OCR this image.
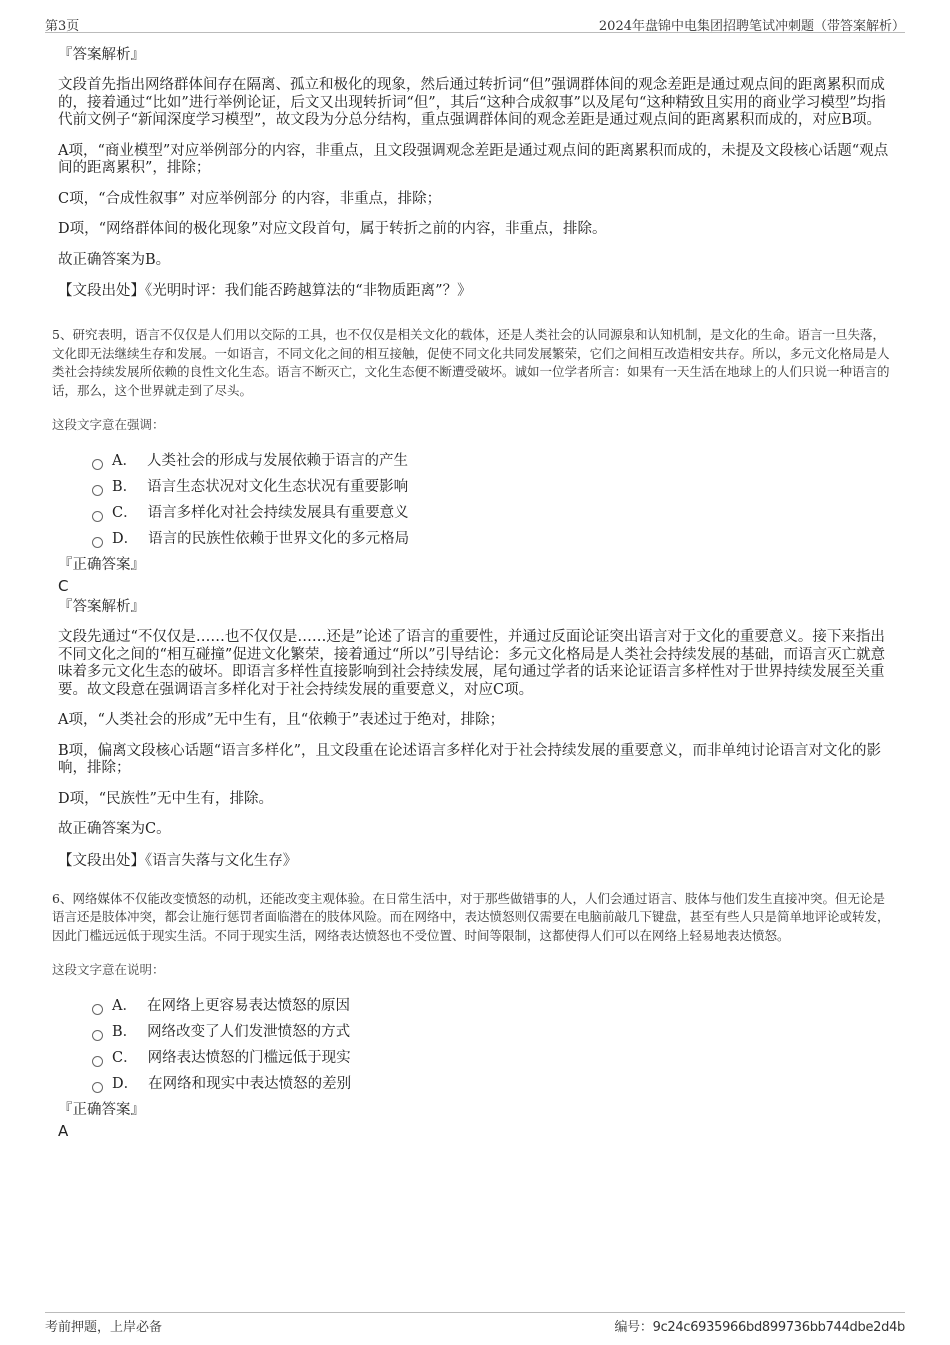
第3页	2024年盘锦中电集团招聘笔试冲刺题（带答案解析）
『答案解析』

文段首先指出网络群体间存在隔离、孤立和极化的现象，然后通过转折词“但”强调群体间的观念差距是通过观点间的距离累积而成的，接着通过“比如”进行举例论证，后文又出现转折词“但”，其后“这种合成叙事”以及尾句“这种精致且实用的商业学习模型”均指代前文例子“新闻深度学习模型”，故文段为分总分结构，重点强调群体间的观念差距是通过观点间的距离累积而成的，对应B项。

A项，“商业模型”对应举例部分的内容，非重点，且文段强调观念差距是通过观点间的距离累积而成的，未提及文段核心话题“观点间的距离累积”，排除；

C项，“合成性叙事” 对应举例部分 的内容，非重点，排除；

D项，“网络群体间的极化现象”对应文段首句，属于转折之前的内容，非重点，排除。

故正确答案为B。

【文段出处】《光明时评：我们能否跨越算法的“非物质距离”？》

5、研究表明，语言不仅仅是人们用以交际的工具，也不仅仅是相关文化的载体，还是人类社会的认同源泉和认知机制，是文化的生命。语言一旦失落，文化即无法继续生存和发展。一如语言，不同文化之间的相互接触，促使不同文化共同发展繁荣，它们之间相互改造相安共存。所以，多元文化格局是人类社会持续发展所依赖的良性文化生态。语言不断灭亡，文化生态便不断遭受破坏。诚如一位学者所言：如果有一天生活在地球上的人们只说一种语言的话，那么，这个世界就走到了尽头。

这段文字意在强调：

A． 人类社会的形成与发展依赖于语言的产生
B． 语言生态状况对文化生态状况有重要影响
C． 语言多样化对社会持续发展具有重要意义
D． 语言的民族性依赖于世界文化的多元格局
『正确答案』
C
『答案解析』

文段先通过“不仅仅是……也不仅仅是……还是”论述了语言的重要性，并通过反面论证突出语言对于文化的重要意义。接下来指出不同文化之间的“相互碰撞”促进文化繁荣，接着通过“所以”引导结论：多元文化格局是人类社会持续发展的基础，而语言灭亡就意味着多元文化生态的破坏。即语言多样性直接影响到社会持续发展，尾句通过学者的话来论证语言多样性对于世界持续发展至关重要。故文段意在强调语言多样化对于社会持续发展的重要意义，对应C项。

A项，“人类社会的形成”无中生有，且“依赖于”表述过于绝对，排除；

B项，偏离文段核心话题“语言多样化”，且文段重在论述语言多样化对于社会持续发展的重要意义，而非单纯讨论语言对文化的影响，排除；

D项，“民族性”无中生有，排除。

故正确答案为C。

【文段出处】《语言失落与文化生存》

6、网络媒体不仅能改变愤怒的动机，还能改变主观体验。在日常生活中，对于那些做错事的人，人们会通过语言、肢体与他们发生直接冲突。但无论是语言还是肢体冲突，都会让施行惩罚者面临潜在的肢体风险。而在网络中，表达愤怒则仅需要在电脑前敲几下键盘，甚至有些人只是简单地评论或转发，因此门槛远远低于现实生活。不同于现实生活，网络表达愤怒也不受位置、时间等限制，这都使得人们可以在网络上轻易地表达愤怒。

这段文字意在说明：

A． 在网络上更容易表达愤怒的原因
B． 网络改变了人们发泄愤怒的方式
C． 网络表达愤怒的门槛远低于现实
D． 在网络和现实中表达愤怒的差别
『正确答案』
A
考前押题，上岸必备	编号：9c24c6935966bd899736bb744dbe2d4b
